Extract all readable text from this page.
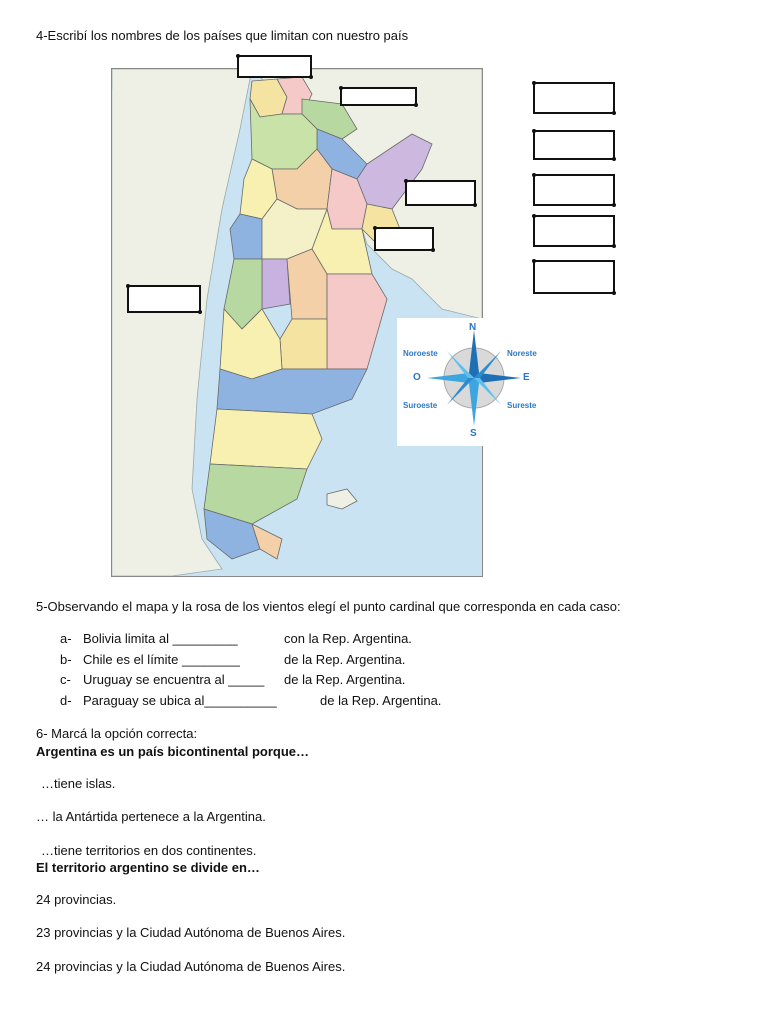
4-Escribí los nombres de los países que limitan con nuestro país
N
S
O	E
Noroeste	Noreste
Suroeste	Sureste
5-Observando el mapa y la rosa de los vientos elegí el punto cardinal que corresponda en cada caso:
a- Bolivia limita al _________	con la Rep. Argentina.
b- Chile es el límite ________	de la Rep. Argentina.
c- Uruguay se encuentra al _____ de la Rep. Argentina.
d- Paraguay se ubica al__________	de la Rep. Argentina.
6- Marcá la opción correcta:
Argentina es un país bicontinental porque…
…tiene islas.
… la Antártida pertenece a la Argentina.
…tiene territorios en dos continentes.
El territorio argentino se divide en…
24 provincias.
23 provincias y la Ciudad Autónoma de Buenos Aires.
24 provincias y la Ciudad Autónoma de Buenos Aires.
